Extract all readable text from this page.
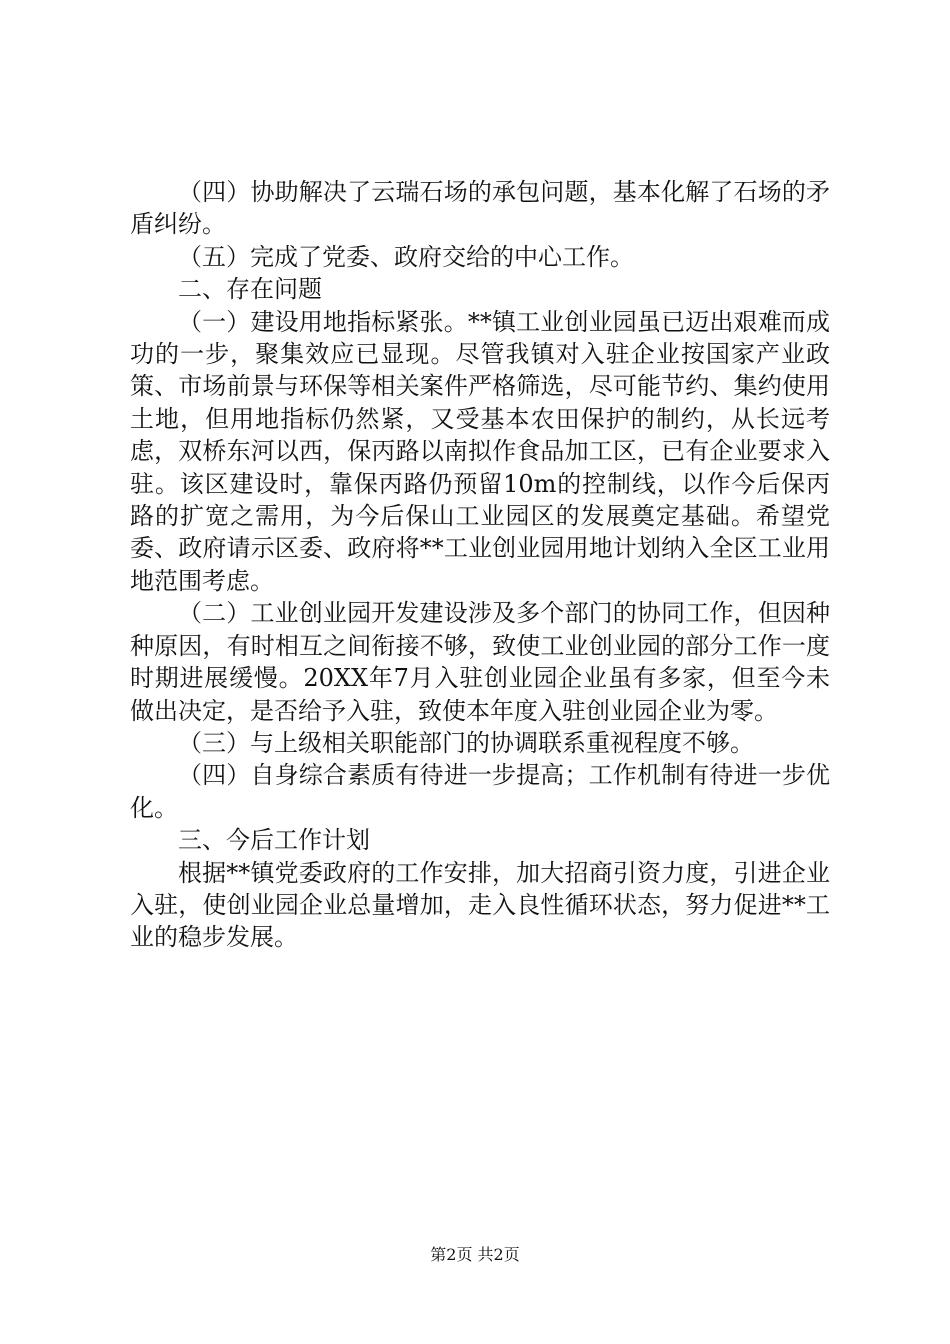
（四）协助解决了云瑞石场的承包问题，基本化解了石场的矛盾纠纷。

（五）完成了党委、政府交给的中心工作。

二、存在问题

（一）建设用地指标紧张。**镇工业创业园虽已迈出艰难而成功的一步，聚集效应已显现。尽管我镇对入驻企业按国家产业政策、市场前景与环保等相关案件严格筛选，尽可能节约、集约使用土地，但用地指标仍然紧，又受基本农田保护的制约，从长远考虑，双桥东河以西，保丙路以南拟作食品加工区，已有企业要求入驻。该区建设时，靠保丙路仍预留10m的控制线，以作今后保丙路的扩宽之需用，为今后保山工业园区的发展奠定基础。希望党委、政府请示区委、政府将**工业创业园用地计划纳入全区工业用地范围考虑。

（二）工业创业园开发建设涉及多个部门的协同工作，但因种种原因，有时相互之间衔接不够，致使工业创业园的部分工作一度时期进展缓慢。20XX年7月入驻创业园企业虽有多家，但至今未做出决定，是否给予入驻，致使本年度入驻创业园企业为零。

（三）与上级相关职能部门的协调联系重视程度不够。

（四）自身综合素质有待进一步提高；工作机制有待进一步优化。

三、今后工作计划

根据**镇党委政府的工作安排，加大招商引资力度，引进企业入驻，使创业园企业总量增加，走入良性循环状态，努力促进**工业的稳步发展。

第2页 共2页
